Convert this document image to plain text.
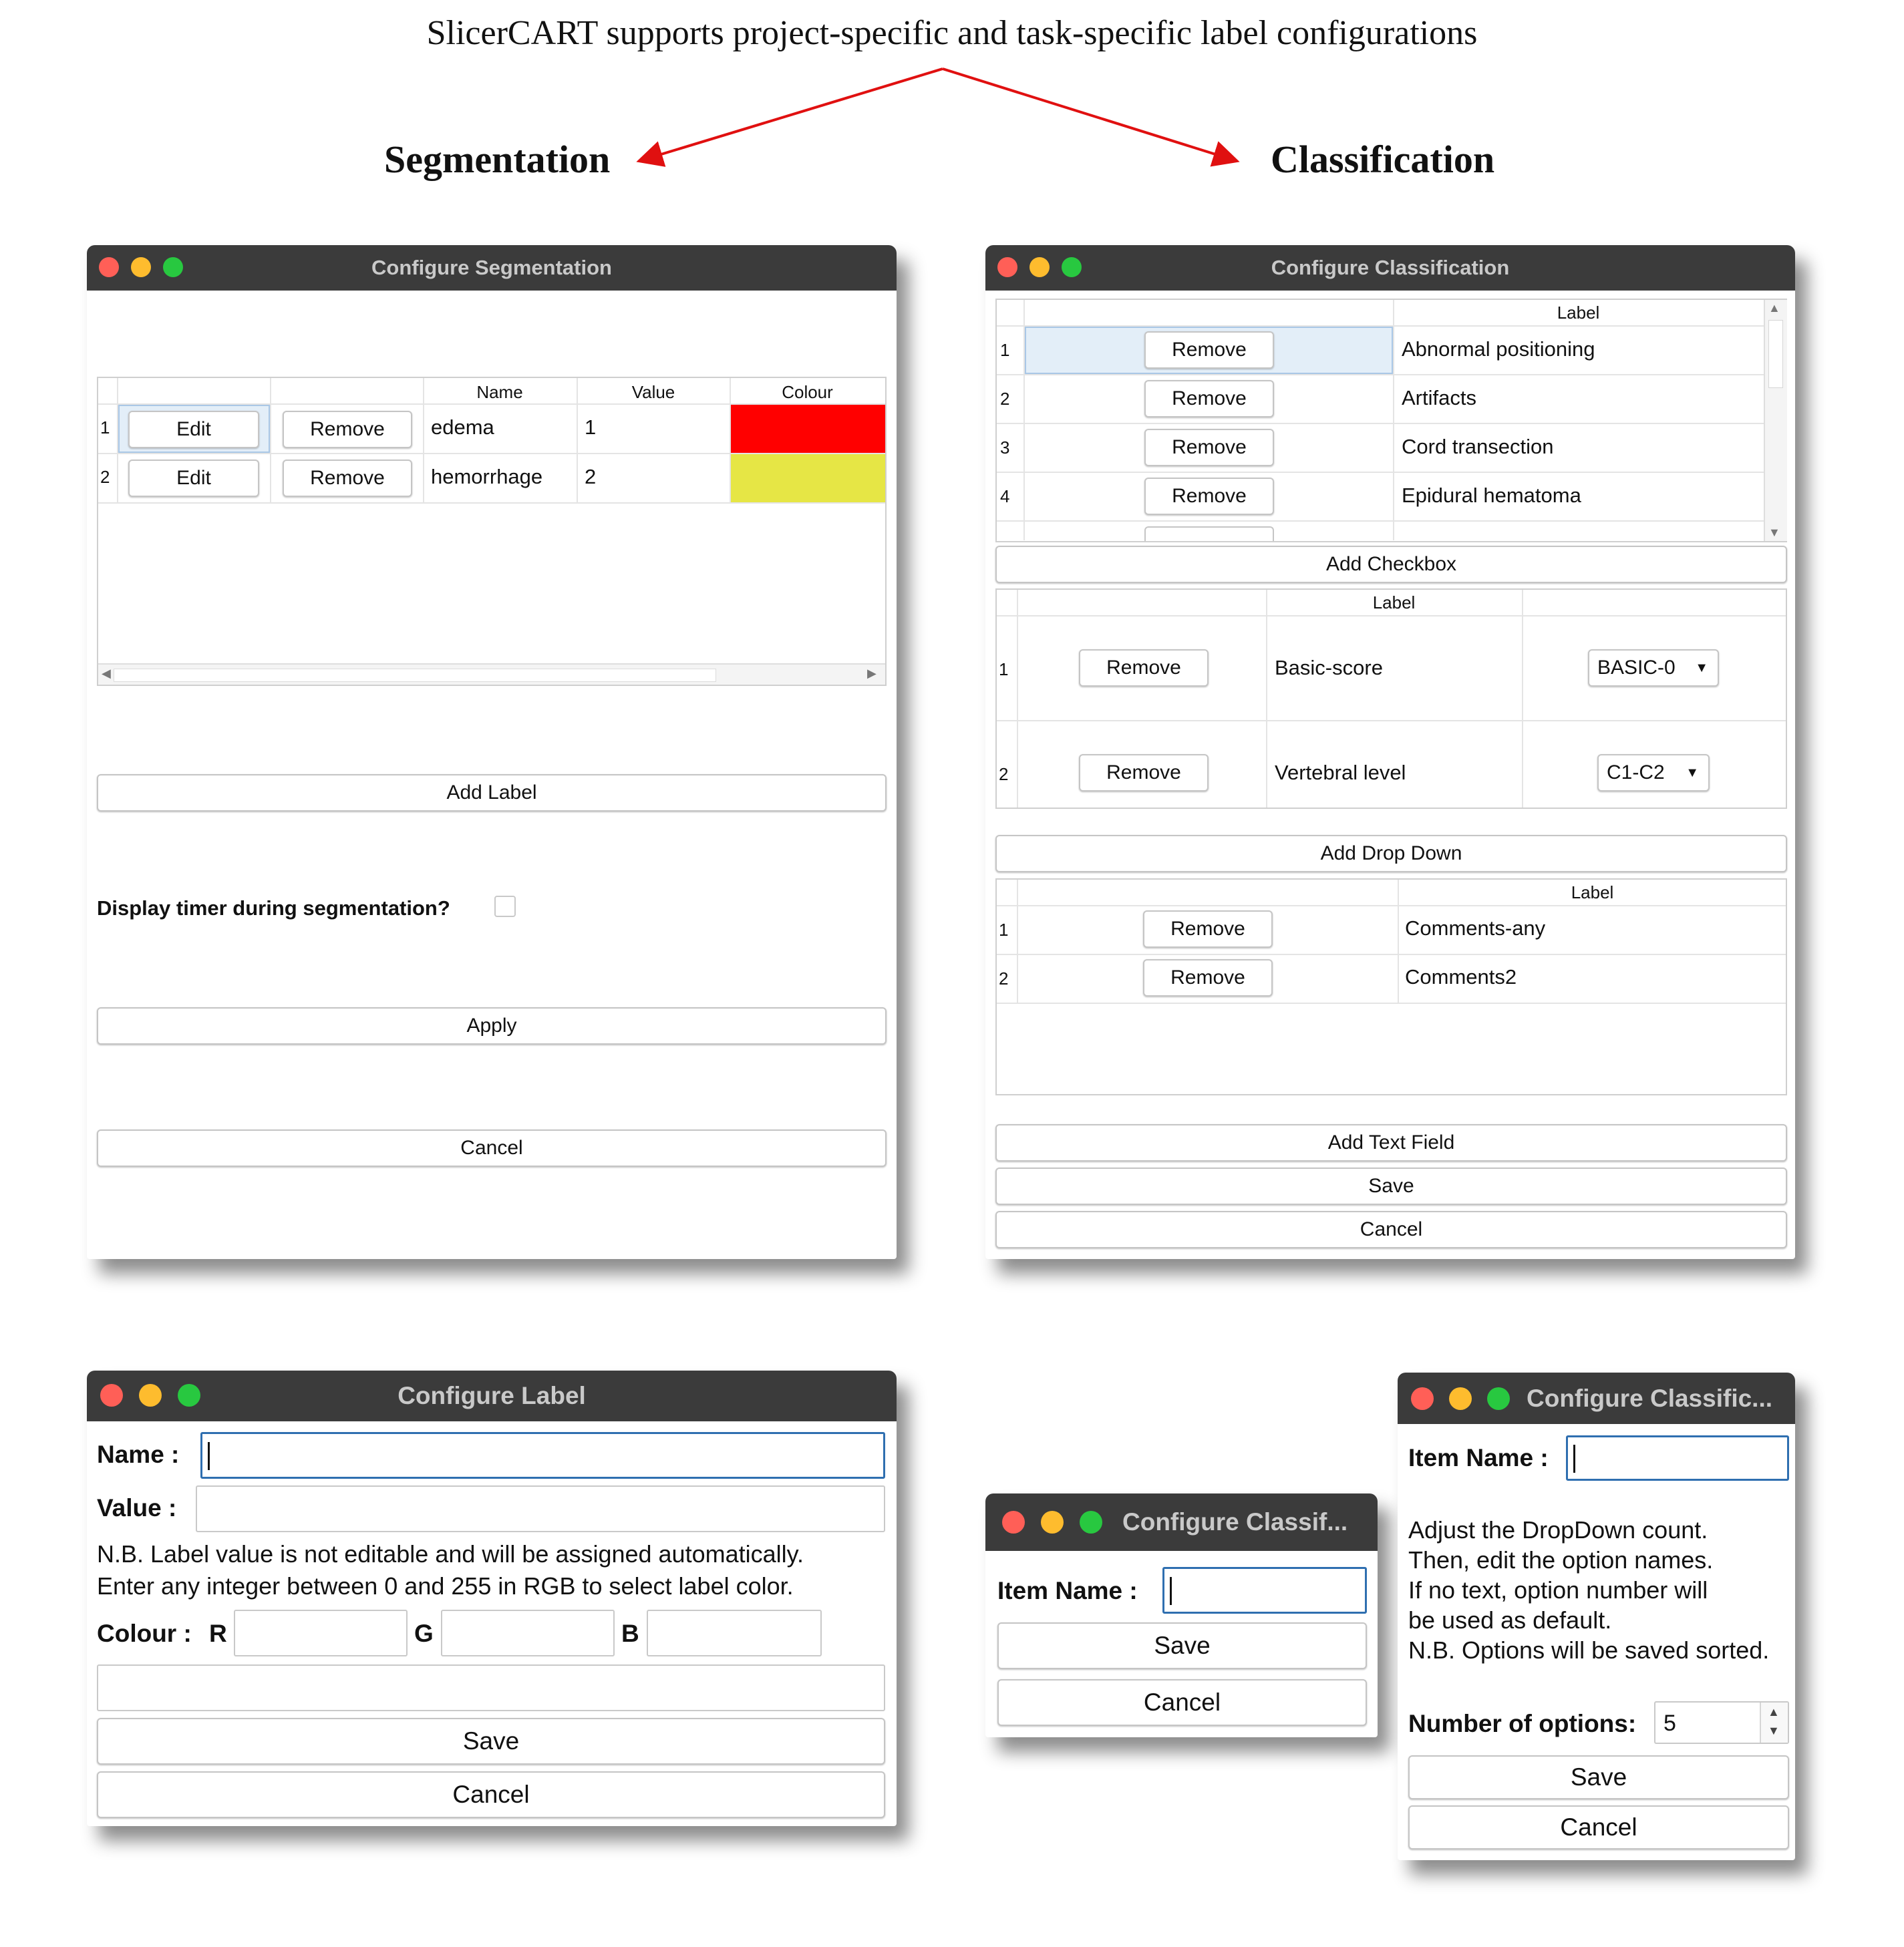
SlicerCART supports project-specific and task-specific label configurations
Segmentation	Classification
Configure Segmentation
Name	Value	Colour
1	Edit	Remove	edema	1
2	Edit	Remove	hemorrhage 2
◀	▶
Add Label
Display timer during segmentation?
Apply
Cancel
Configure Classification
Label
1	Remove	Abnormal positioning
2	Remove	Artifacts
3	Remove	Cord transection
4	Remove	Epidural hematoma
▲
▼
Add Checkbox
Label
1	Remove	Basic-score	BASIC-0 ▼
2	Remove	Vertebral level	C1-C2 ▼
Add Drop Down
Label
1	Remove	Comments-any
2	Remove	Comments2
Add Text Field
Save
Cancel
Configure Label
Name :
Value :
N.B. Label value is not editable and will be assigned automatically.
Enter any integer between 0 and 255 in RGB to select label color.
Colour : R	G	B
Save
Cancel
Configure Classif...
Item Name :
Save
Cancel
Configure Classific...
Item Name :
Adjust the DropDown count.
Then, edit the option names.
If no text, option number will
be used as default.
N.B. Options will be saved sorted.
Number of options: 5	▲
▼
Save
Cancel
